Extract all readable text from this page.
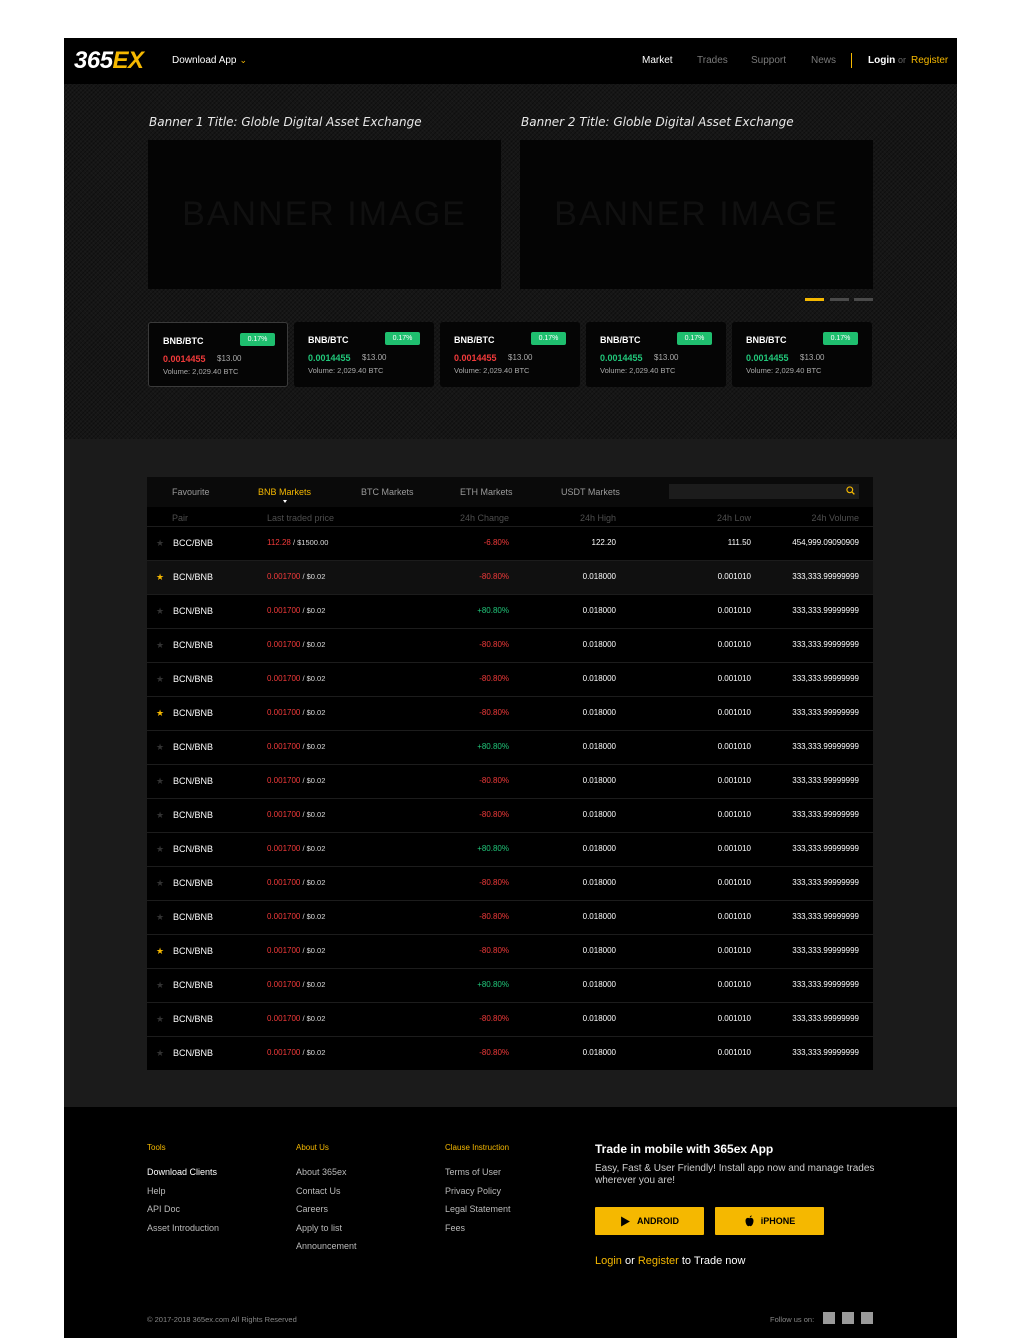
365EX	Download App ⌄	Market Trades Support News	Login or Register
Banner 1 Title: Globle Digital Asset Exchange	Banner 2 Title: Globle Digital Asset Exchange
BANNER IMAGE	BANNER IMAGE
BNB/BTC	0.17%
0.0014455 $13.00
Volume: 2,029.40 BTC
BNB/BTC	0.17%
0.0014455 $13.00
Volume: 2,029.40 BTC
BNB/BTC	0.17%
0.0014455 $13.00
Volume: 2,029.40 BTC
BNB/BTC	0.17%
0.0014455 $13.00
Volume: 2,029.40 BTC
BNB/BTC	0.17%
0.0014455 $13.00
Volume: 2,029.40 BTC
Favourite	BNB Markets	BTC Markets	ETH Markets	USDT Markets
Pair	Last traded price	24h Change	24h High	24h Low	24h Volume
★ BCC/BNB	112.28 / $1500.00	-6.80%	122.20	111.50	454,999.09090909
★ BCN/BNB	0.001700 / $0.02	-80.80%	0.018000	0.001010	333,333.99999999
★ BCN/BNB	0.001700 / $0.02	+80.80%	0.018000	0.001010	333,333.99999999
★ BCN/BNB	0.001700 / $0.02	-80.80%	0.018000	0.001010	333,333.99999999
★ BCN/BNB	0.001700 / $0.02	-80.80%	0.018000	0.001010	333,333.99999999
★ BCN/BNB	0.001700 / $0.02	-80.80%	0.018000	0.001010	333,333.99999999
★ BCN/BNB	0.001700 / $0.02	+80.80%	0.018000	0.001010	333,333.99999999
★ BCN/BNB	0.001700 / $0.02	-80.80%	0.018000	0.001010	333,333.99999999
★ BCN/BNB	0.001700 / $0.02	-80.80%	0.018000	0.001010	333,333.99999999
★ BCN/BNB	0.001700 / $0.02	+80.80%	0.018000	0.001010	333,333.99999999
★ BCN/BNB	0.001700 / $0.02	-80.80%	0.018000	0.001010	333,333.99999999
★ BCN/BNB	0.001700 / $0.02	-80.80%	0.018000	0.001010	333,333.99999999
★ BCN/BNB	0.001700 / $0.02	-80.80%	0.018000	0.001010	333,333.99999999
★ BCN/BNB	0.001700 / $0.02	+80.80%	0.018000	0.001010	333,333.99999999
★ BCN/BNB	0.001700 / $0.02	-80.80%	0.018000	0.001010	333,333.99999999
★ BCN/BNB	0.001700 / $0.02	-80.80%	0.018000	0.001010	333,333.99999999
Tools
Download Clients
Help
API Doc
Asset Introduction
About Us
About 365ex
Contact Us
Careers
Apply to list
Announcement
Clause Instruction
Terms of User
Privacy Policy
Legal Statement
Fees
Trade in mobile with 365ex App
Easy, Fast & User Friendly! Install app now and manage trades wherever you are!
ANDROID	iPHONE
Login or Register to Trade now
© 2017-2018 365ex.com All Rights Reserved	Follow us on:
